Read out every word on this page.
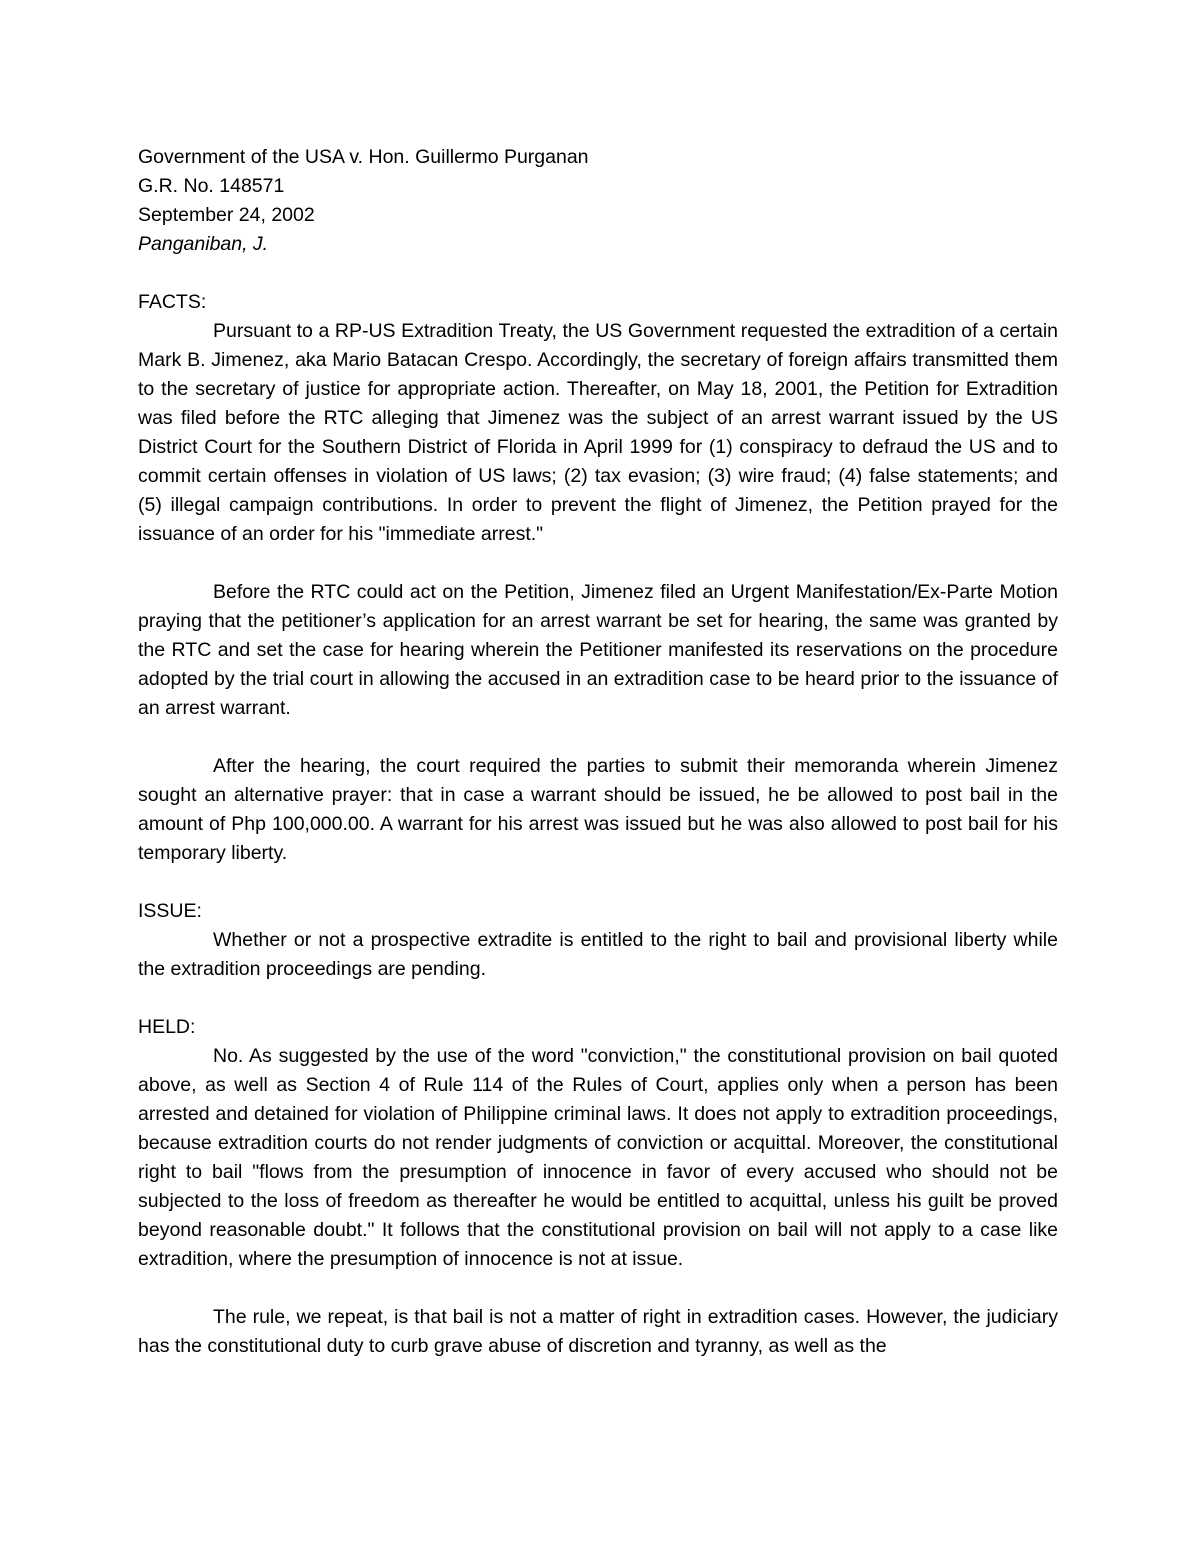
Government of the USA v. Hon. Guillermo Purganan
G.R. No. 148571
September 24, 2002
Panganiban, J.
FACTS:

Pursuant to a RP-US Extradition Treaty, the US Government requested the extradition of a certain Mark B. Jimenez, aka Mario Batacan Crespo. Accordingly, the secretary of foreign affairs transmitted them to the secretary of justice for appropriate action. Thereafter, on May 18, 2001, the Petition for Extradition was filed before the RTC alleging that Jimenez was the subject of an arrest warrant issued by the US District Court for the Southern District of Florida in April 1999 for (1) conspiracy to defraud the US and to commit certain offenses in violation of US laws; (2) tax evasion; (3) wire fraud; (4) false statements; and (5) illegal campaign contributions. In order to prevent the flight of Jimenez, the Petition prayed for the issuance of an order for his "immediate arrest."

Before the RTC could act on the Petition, Jimenez filed an Urgent Manifestation/Ex-Parte Motion praying that the petitioner’s application for an arrest warrant be set for hearing, the same was granted by the RTC and set the case for hearing wherein the Petitioner manifested its reservations on the procedure adopted by the trial court in allowing the accused in an extradition case to be heard prior to the issuance of an arrest warrant.

After the hearing, the court required the parties to submit their memoranda wherein Jimenez sought an alternative prayer: that in case a warrant should be issued, he be allowed to post bail in the amount of Php 100,000.00. A warrant for his arrest was issued but he was also allowed to post bail for his temporary liberty.

ISSUE:

Whether or not a prospective extradite is entitled to the right to bail and provisional liberty while the extradition proceedings are pending.

HELD:

No. As suggested by the use of the word "conviction," the constitutional provision on bail quoted above, as well as Section 4 of Rule 114 of the Rules of Court, applies only when a person has been arrested and detained for violation of Philippine criminal laws. It does not apply to extradition proceedings, because extradition courts do not render judgments of conviction or acquittal. Moreover, the constitutional right to bail "flows from the presumption of innocence in favor of every accused who should not be subjected to the loss of freedom as thereafter he would be entitled to acquittal, unless his guilt be proved beyond reasonable doubt." It follows that the constitutional provision on bail will not apply to a case like extradition, where the presumption of innocence is not at issue.

The rule, we repeat, is that bail is not a matter of right in extradition cases. However, the judiciary has the constitutional duty to curb grave abuse of discretion and tyranny, as well as the
